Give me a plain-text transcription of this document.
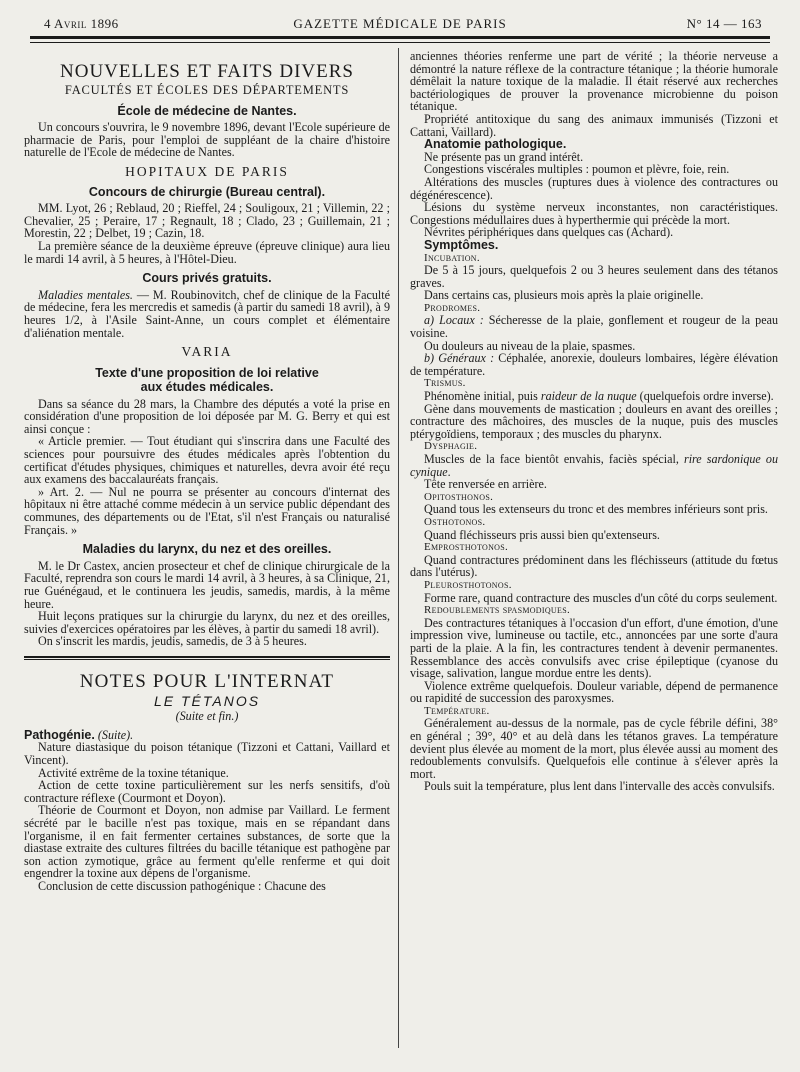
4 Avril 1896	GAZETTE MÉDICALE DE PARIS	N° 14 — 163
NOUVELLES ET FAITS DIVERS
FACULTÉS ET ÉCOLES DES DÉPARTEMENTS
École de médecine de Nantes.

Un concours s'ouvrira, le 9 novembre 1896, devant l'Ecole supérieure de pharmacie de Paris, pour l'emploi de suppléant de la chaire d'histoire naturelle de l'Ecole de médecine de Nantes.

HOPITAUX DE PARIS
Concours de chirurgie (Bureau central).

MM. Lyot, 26 ; Reblaud, 20 ; Rieffel, 24 ; Souligoux, 21 ; Villemin, 22 ; Chevalier, 25 ; Peraire, 17 ; Regnault, 18 ; Clado, 23 ; Guillemain, 21 ; Morestin, 22 ; Delbet, 19 ; Cazin, 18.

La première séance de la deuxième épreuve (épreuve clinique) aura lieu le mardi 14 avril, à 5 heures, à l'Hôtel-Dieu.

Cours privés gratuits.

Maladies mentales. — M. Roubinovitch, chef de clinique de la Faculté de médecine, fera les mercredis et samedis (à partir du samedi 18 avril), à 9 heures 1/2, à l'Asile Saint-Anne, un cours complet et élémentaire d'aliénation mentale.

VARIA
Texte d'une proposition de loi relative
aux études médicales.

Dans sa séance du 28 mars, la Chambre des députés a voté la prise en considération d'une proposition de loi déposée par M. G. Berry et qui est ainsi conçue :

« Article premier. — Tout étudiant qui s'inscrira dans une Faculté des sciences pour poursuivre des études médicales après l'obtention du certificat d'études physiques, chimiques et naturelles, devra avoir été reçu aux examens des baccalauréats français.

» Art. 2. — Nul ne pourra se présenter au concours d'internat des hôpitaux ni être attaché comme médecin à un service public dépendant des communes, des départements ou de l'Etat, s'il n'est Français ou naturalisé Français. »

Maladies du larynx, du nez et des oreilles.

M. le Dr Castex, ancien prosecteur et chef de clinique chirurgicale de la Faculté, reprendra son cours le mardi 14 avril, à 3 heures, à sa Clinique, 21, rue Guénégaud, et le continuera les jeudis, samedis, mardis, à la même heure.

Huit leçons pratiques sur la chirurgie du larynx, du nez et des oreilles, suivies d'exercices opératoires par les élèves, à partir du samedi 18 avril).

On s'inscrit les mardis, jeudis, samedis, de 3 à 5 heures.

NOTES POUR L'INTERNAT
LE TÉTANOS
(Suite et fin.)

Pathogénie. (Suite).

Nature diastasique du poison tétanique (Tizzoni et Cattani, Vaillard et Vincent).

Activité extrême de la toxine tétanique.

Action de cette toxine particulièrement sur les nerfs sensitifs, d'où contracture réflexe (Courmont et Doyon).

Théorie de Courmont et Doyon, non admise par Vaillard. Le ferment sécrété par le bacille n'est pas toxique, mais en se répandant dans l'organisme, il en fait fermenter certaines substances, de sorte que la diastase extraite des cultures filtrées du bacille tétanique est pathogène par son action zymotique, grâce au ferment qu'elle renferme et qui doit engendrer la toxine aux dépens de l'organisme.

Conclusion de cette discussion pathogénique : Chacune des

anciennes théories renferme une part de vérité ; la théorie nerveuse a démontré la nature réflexe de la contracture tétanique ; la théorie humorale démêlait la nature toxique de la maladie. Il était réservé aux recherches bactériologiques de prouver la provenance microbienne du poison tétanique.

Propriété antitoxique du sang des animaux immunisés (Tizzoni et Cattani, Vaillard).

Anatomie pathologique.

Ne présente pas un grand intérêt.

Congestions viscérales multiples : poumon et plèvre, foie, rein.

Altérations des muscles (ruptures dues à violence des contractures ou dégénérescence).

Lésions du système nerveux inconstantes, non caractéristiques. Congestions médullaires dues à hyperthermie qui précède la mort.

Névrites périphériques dans quelques cas (Achard).

Symptômes.

Incubation.

De 5 à 15 jours, quelquefois 2 ou 3 heures seulement dans des tétanos graves.

Dans certains cas, plusieurs mois après la plaie originelle.

Prodromes.

a) Locaux : Sécheresse de la plaie, gonflement et rougeur de la peau voisine.

Ou douleurs au niveau de la plaie, spasmes.

b) Généraux : Céphalée, anorexie, douleurs lombaires, légère élévation de température.

Trismus.

Phénomène initial, puis raideur de la nuque (quelquefois ordre inverse).

Gène dans mouvements de mastication ; douleurs en avant des oreilles ; contracture des mâchoires, des muscles de la nuque, puis des muscles ptérygoïdiens, temporaux ; des muscles du pharynx.

Dysphagie.

Muscles de la face bientôt envahis, faciès spécial, rire sardonique ou cynique.

Tête renversée en arrière.

Opitosthonos.

Quand tous les extenseurs du tronc et des membres inférieurs sont pris.

Osthotonos.

Quand fléchisseurs pris aussi bien qu'extenseurs.

Emprosthotonos.

Quand contractures prédominent dans les fléchisseurs (attitude du fœtus dans l'utérus).

Pleurosthotonos.

Forme rare, quand contracture des muscles d'un côté du corps seulement.

Redoublements spasmodiques.

Des contractures tétaniques à l'occasion d'un effort, d'une émotion, d'une impression vive, lumineuse ou tactile, etc., annoncées par une sorte d'aura parti de la plaie. A la fin, les contractures tendent à devenir permanentes. Ressemblance des accès convulsifs avec crise épileptique (cyanose du visage, salivation, langue mordue entre les dents).

Violence extrême quelquefois. Douleur variable, dépend de permanence ou rapidité de succession des paroxysmes.

Température.

Généralement au-dessus de la normale, pas de cycle fébrile défini, 38° en général ; 39°, 40° et au delà dans les tétanos graves. La température devient plus élevée au moment de la mort, plus élevée aussi au moment des redoublements convulsifs. Quelquefois elle continue à s'élever après la mort.

Pouls suit la température, plus lent dans l'intervalle des accès convulsifs.
